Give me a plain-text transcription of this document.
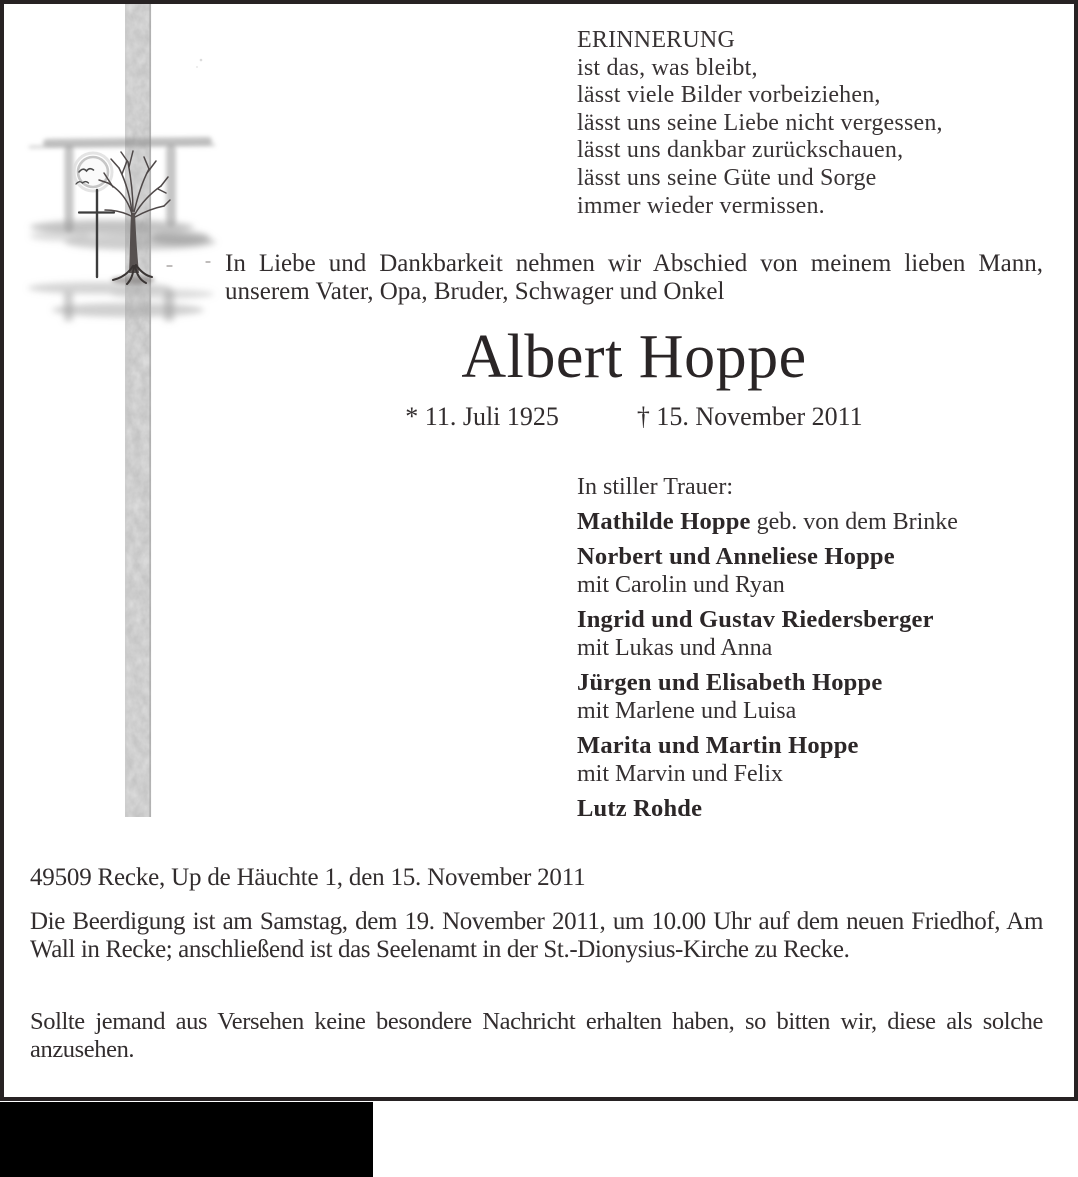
ERINNERUNG
ist das, was bleibt,
lässt viele Bilder vorbeiziehen,
lässt uns seine Liebe nicht vergessen,
lässt uns dankbar zurückschauen,
lässt uns seine Güte und Sorge
immer wieder vermissen.

In Liebe und Dankbarkeit nehmen wir Abschied von meinem lieben Mann, unserem Vater, Opa, Bruder, Schwager und Onkel

Albert Hoppe
* 11. Juli 1925	† 15. November 2011
In stiller Trauer:

Mathilde Hoppe geb. von dem Brinke

Norbert und Anneliese Hoppe
mit Carolin und Ryan

Ingrid und Gustav Riedersberger
mit Lukas und Anna

Jürgen und Elisabeth Hoppe
mit Marlene und Luisa

Marita und Martin Hoppe
mit Marvin und Felix

Lutz Rohde

49509 Recke, Up de Häuchte 1, den 15. November 2011

Die Beerdigung ist am Samstag, dem 19. November 2011, um 10.00 Uhr auf dem neuen Friedhof, Am Wall in Recke; anschließend ist das Seelenamt in der St.-Dionysius-Kirche zu Recke.

Sollte jemand aus Versehen keine besondere Nachricht erhalten haben, so bitten wir, diese als solche anzusehen.
